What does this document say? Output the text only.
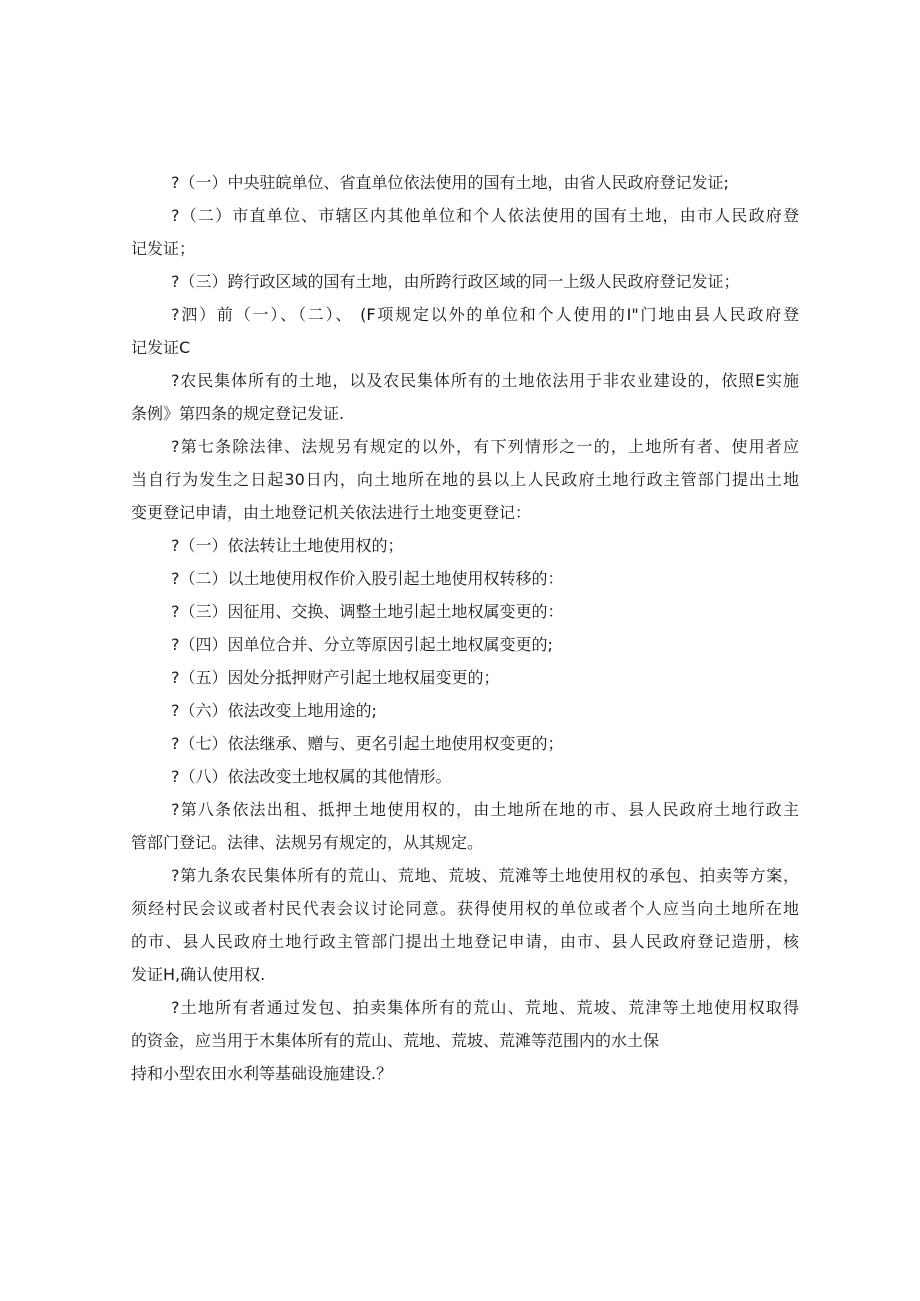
?（一）中央驻皖单位、省直单位依法使用的国有土地，由省人民政府登记发证;

?（二）市直单位、市辖区内其他单位和个人依法使用的国有土地，由市人民政府登
记发证；

?（三）跨行政区域的国有土地，由所跨行政区域的同一上级人民政府登记发证；

?泗）前（一）、（二）、 (F项规定以外的单位和个人使用的I"门地由县人民政府登
记发证C

?农民集体所有的土地，以及农民集体所有的土地依法用于非农业建设的，依照E实施
条例》第四条的规定登记发证.

?第七条除法律、法规另有规定的以外，有下列情形之一的，上地所有者、使用者应
当自行为发生之日起30日内，向土地所在地的县以上人民政府土地行政主管部门提出土地
变更登记申请，由土地登记机关依法进行土地变更登记：

?（一）依法转让土地使用权的；

?（二）以土地使用权作价入股引起土地使用权转移的：

?（三）因征用、交换、调整土地引起土地权属变更的：

?（四）因单位合并、分立等原因引起土地权属变更的;

?（五）因处分抵押财产引起土地权届变更的；

?（六）依法改变上地用途的;

?（七）依法继承、赠与、更名引起土地使用权变更的；

?（八）依法改变土地权属的其他情形。

?第八条依法出租、抵押土地使用权的，由土地所在地的市、县人民政府土地行政主
管部门登记。法律、法规另有规定的，从其规定。

?第九条农民集体所有的荒山、荒地、荒坡、荒滩等土地使用权的承包、拍卖等方案，
须经村民会议或者村民代表会议讨论同意。获得使用权的单位或者个人应当向土地所在地
的市、县人民政府土地行政主管部门提出土地登记申请，由市、县人民政府登记造册，核
发证H,确认使用权.

?土地所有者通过发包、拍卖集体所有的荒山、荒地、荒坡、荒津等土地使用权取得
的资金，应当用于木集体所有的荒山、荒地、荒坡、荒滩等范围内的水土保
持和小型农田水利等基础设施建设.？
